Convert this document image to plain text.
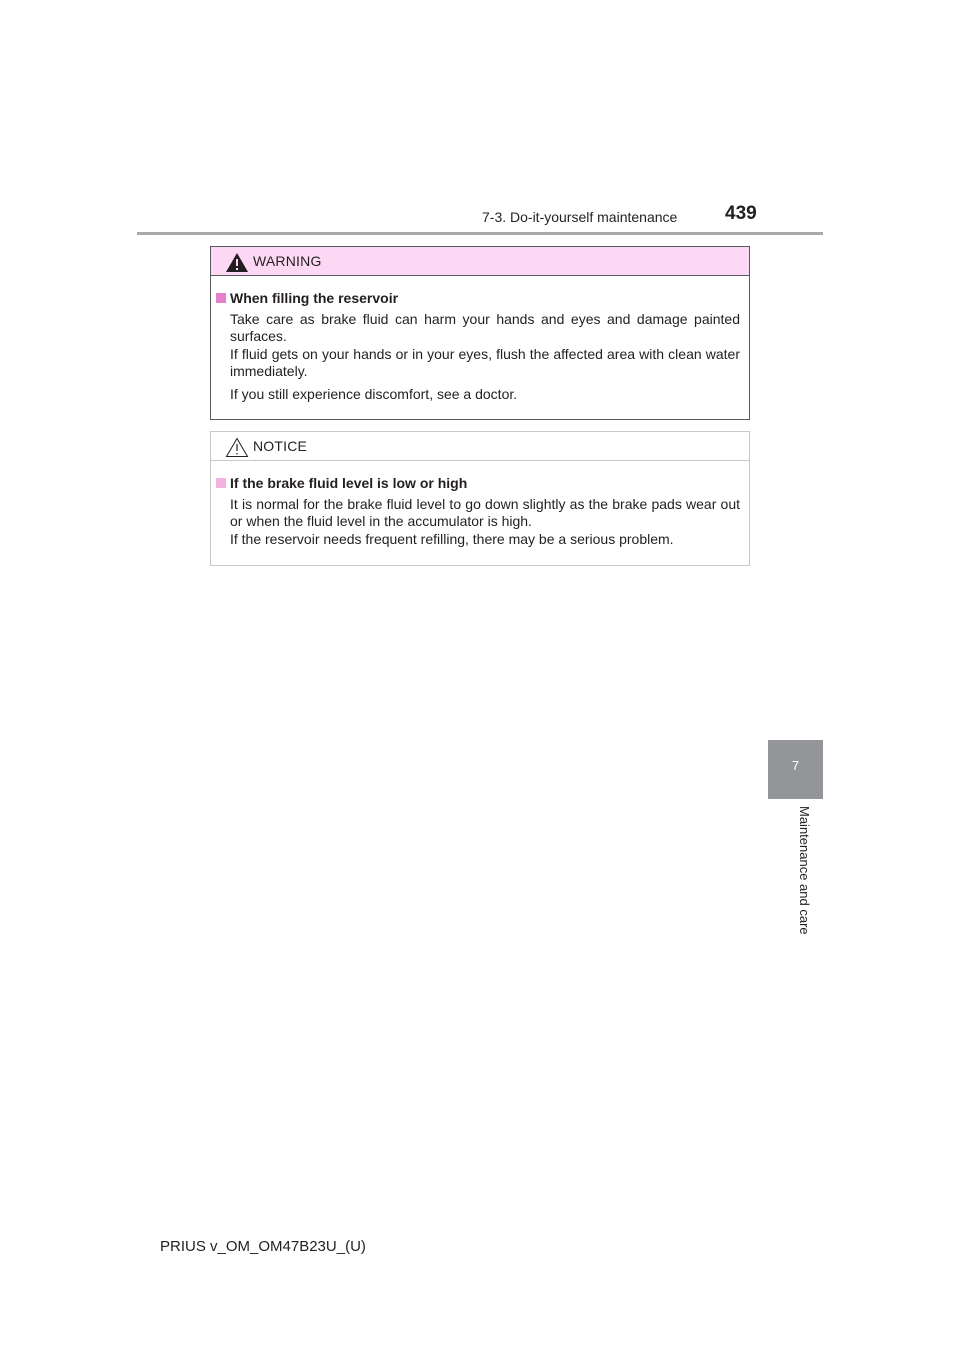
7-3. Do-it-yourself maintenance	439
WARNING
When filling the reservoir
Take care as brake fluid can harm your hands and eyes and damage painted surfaces.
If fluid gets on your hands or in your eyes, flush the affected area with clean water immediately.
If you still experience discomfort, see a doctor.
NOTICE
If the brake fluid level is low or high
It is normal for the brake fluid level to go down slightly as the brake pads wear out or when the fluid level in the accumulator is high.
If the reservoir needs frequent refilling, there may be a serious problem.
7
Maintenance and care
PRIUS v_OM_OM47B23U_(U)
